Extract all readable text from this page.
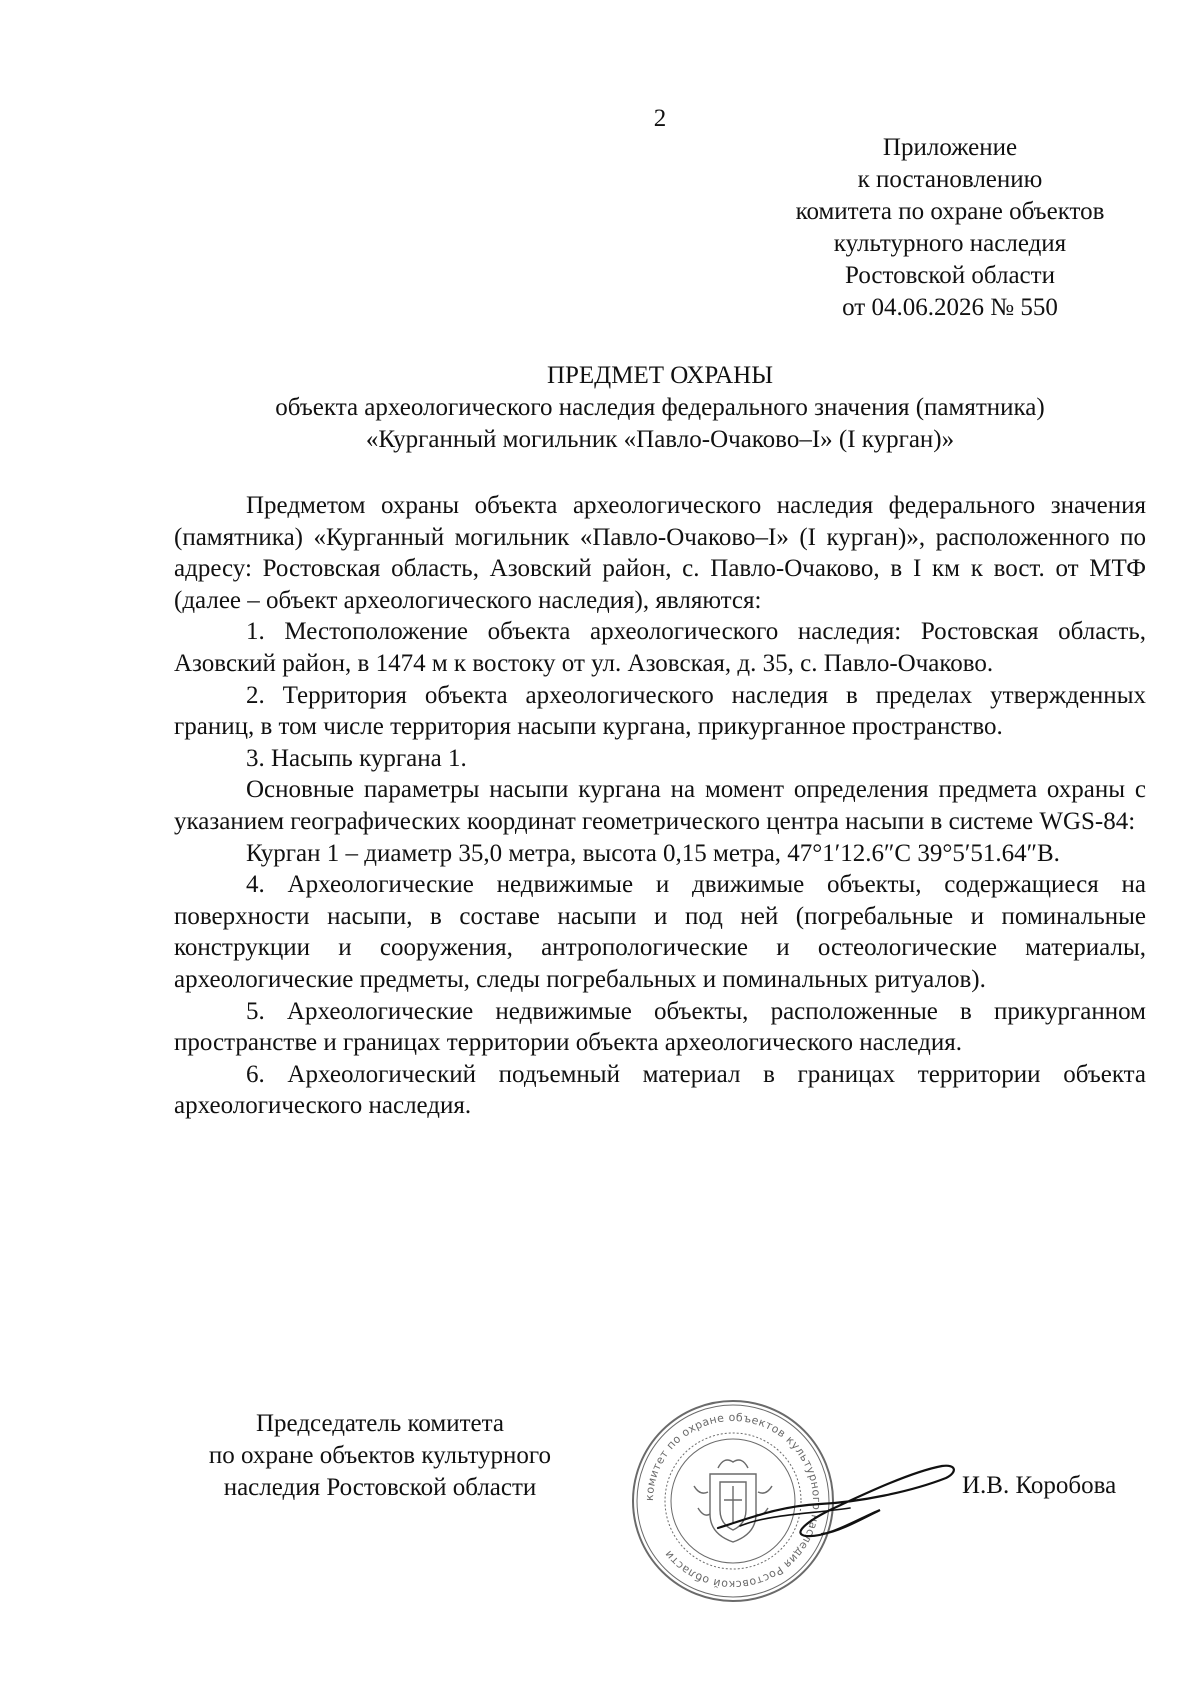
2
Приложение
к постановлению
комитета по охране объектов
культурного наследия
Ростовской области
от 04.06.2026 № 550
ПРЕДМЕТ ОХРАНЫ
объекта археологического наследия федерального значения (памятника)
«Курганный могильник «Павло-Очаково–I» (I курган)»

Предметом охраны объекта археологического наследия федерального значения (памятника) «Курганный могильник «Павло-Очаково–I» (I курган)», расположенного по адресу: Ростовская область, Азовский район, с. Павло-Очаково, в I км к вост. от МТФ (далее – объект археологического наследия), являются:

1. Местоположение объекта археологического наследия: Ростовская область, Азовский район, в 1474 м к востоку от ул. Азовская, д. 35, с. Павло-Очаково.

2. Территория объекта археологического наследия в пределах утвержденных границ, в том числе территория насыпи кургана, прикурганное пространство.

3. Насыпь кургана 1.

Основные параметры насыпи кургана на момент определения предмета охраны с указанием географических координат геометрического центра насыпи в системе WGS-84:

Курган 1 – диаметр 35,0 метра, высота 0,15 метра, 47°1′12.6″С 39°5′51.64″В.

4. Археологические недвижимые и движимые объекты, содержащиеся на поверхности насыпи, в составе насыпи и под ней (погребальные и поминальные конструкции и сооружения, антропологические и остеологические материалы, археологические предметы, следы погребальных и поминальных ритуалов).

5. Археологические недвижимые объекты, расположенные в прикурганном пространстве и границах территории объекта археологического наследия.

6. Археологический подъемный материал в границах территории объекта археологического наследия.

Председатель комитета
по охране объектов культурного
наследия Ростовской области	комитет по охране объектов культурного наследия Ростовской области
И.В. Коробова
